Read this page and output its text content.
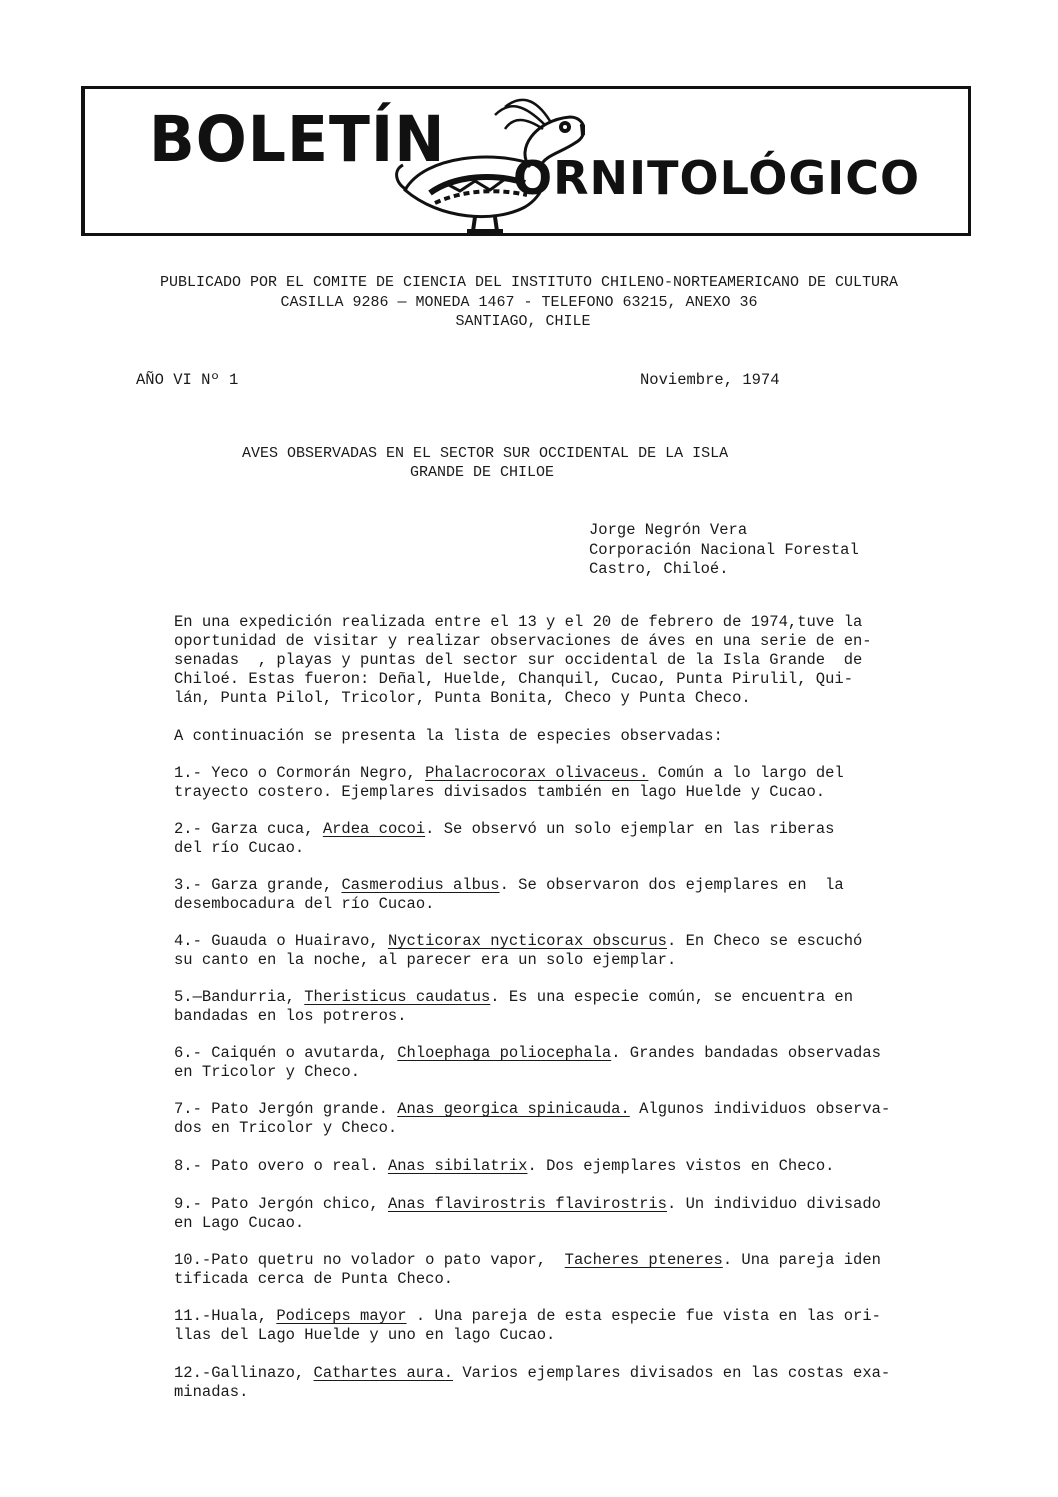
BOLETÍN
ORNITOLÓGICO
PUBLICADO POR EL COMITE DE CIENCIA DEL INSTITUTO CHILENO-NORTEAMERICANO DE CULTURA
CASILLA 9286 — MONEDA 1467 - TELEFONO 63215, ANEXO 36
SANTIAGO, CHILE
AÑO VI Nº 1	Noviembre, 1974
AVES OBSERVADAS EN EL SECTOR SUR OCCIDENTAL DE LA ISLA
GRANDE DE CHILOE
Jorge Negrón Vera
Corporación Nacional Forestal
Castro, Chiloé.
En una expedición realizada entre el 13 y el 20 de febrero de 1974,tuve la
oportunidad de visitar y realizar observaciones de áves en una serie de en-
senadas  , playas y puntas del sector sur occidental de la Isla Grande  de
Chiloé. Estas fueron: Deñal, Huelde, Chanquil, Cucao, Punta Pirulil, Qui-
lán, Punta Pilol, Tricolor, Punta Bonita, Checo y Punta Checo.
A continuación se presenta la lista de especies observadas:
1.- Yeco o Cormorán Negro, Phalacrocorax olivaceus. Común a lo largo del
trayecto costero. Ejemplares divisados también en lago Huelde y Cucao.
2.- Garza cuca, Ardea cocoi. Se observó un solo ejemplar en las riberas
del río Cucao.
3.- Garza grande, Casmerodius albus. Se observaron dos ejemplares en  la
desembocadura del río Cucao.
4.- Guauda o Huairavo, Nycticorax nycticorax obscurus. En Checo se escuchó
su canto en la noche, al parecer era un solo ejemplar.
5.—Bandurria, Theristicus caudatus. Es una especie común, se encuentra en
bandadas en los potreros.
6.- Caiquén o avutarda, Chloephaga poliocephala. Grandes bandadas observadas
en Tricolor y Checo.
7.- Pato Jergón grande. Anas georgica spinicauda. Algunos individuos observa-
dos en Tricolor y Checo.
8.- Pato overo o real. Anas sibilatrix. Dos ejemplares vistos en Checo.
9.- Pato Jergón chico, Anas flavirostris flavirostris. Un individuo divisado
en Lago Cucao.
10.-Pato quetru no volador o pato vapor,  Tacheres pteneres. Una pareja iden
tificada cerca de Punta Checo.
11.-Huala, Podiceps mayor . Una pareja de esta especie fue vista en las ori-
llas del Lago Huelde y uno en lago Cucao.
12.-Gallinazo, Cathartes aura. Varios ejemplares divisados en las costas exa-
minadas.
